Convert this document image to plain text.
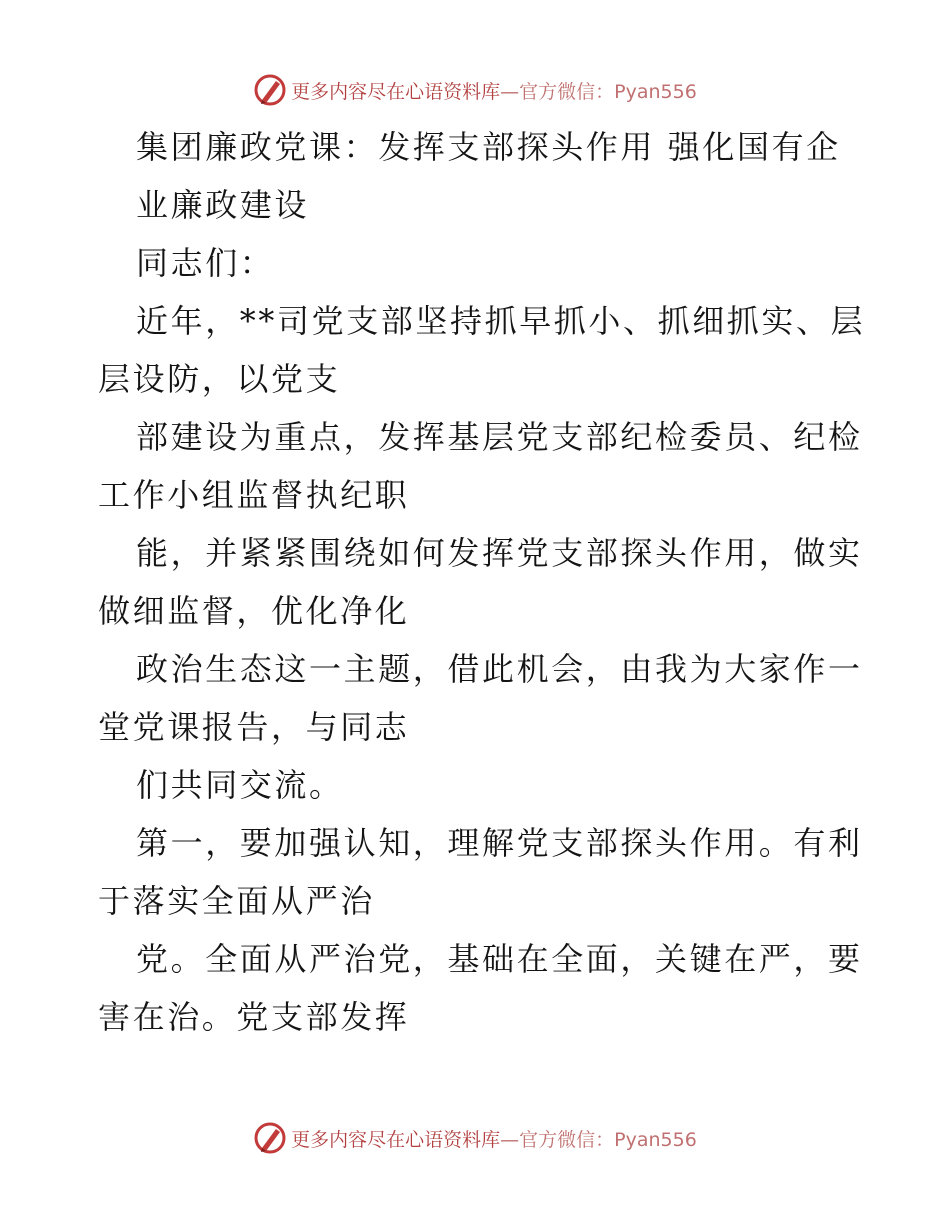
更多内容尽在心语资料库 —官方微信：Pyan556
集团廉政党课：发挥支部探头作用 强化国有企
业廉政建设
同志们：
近年，**司党支部坚持抓早抓小、抓细抓实、层
层设防，以党支
部建设为重点，发挥基层党支部纪检委员、纪检
工作小组监督执纪职
能，并紧紧围绕如何发挥党支部探头作用，做实
做细监督，优化净化
政治生态这一主题，借此机会，由我为大家作一
堂党课报告，与同志
们共同交流。
第一，要加强认知，理解党支部探头作用。有利
于落实全面从严治
党。全面从严治党，基础在全面，关键在严，要
害在治。党支部发挥
更多内容尽在心语资料库 —官方微信：Pyan556
